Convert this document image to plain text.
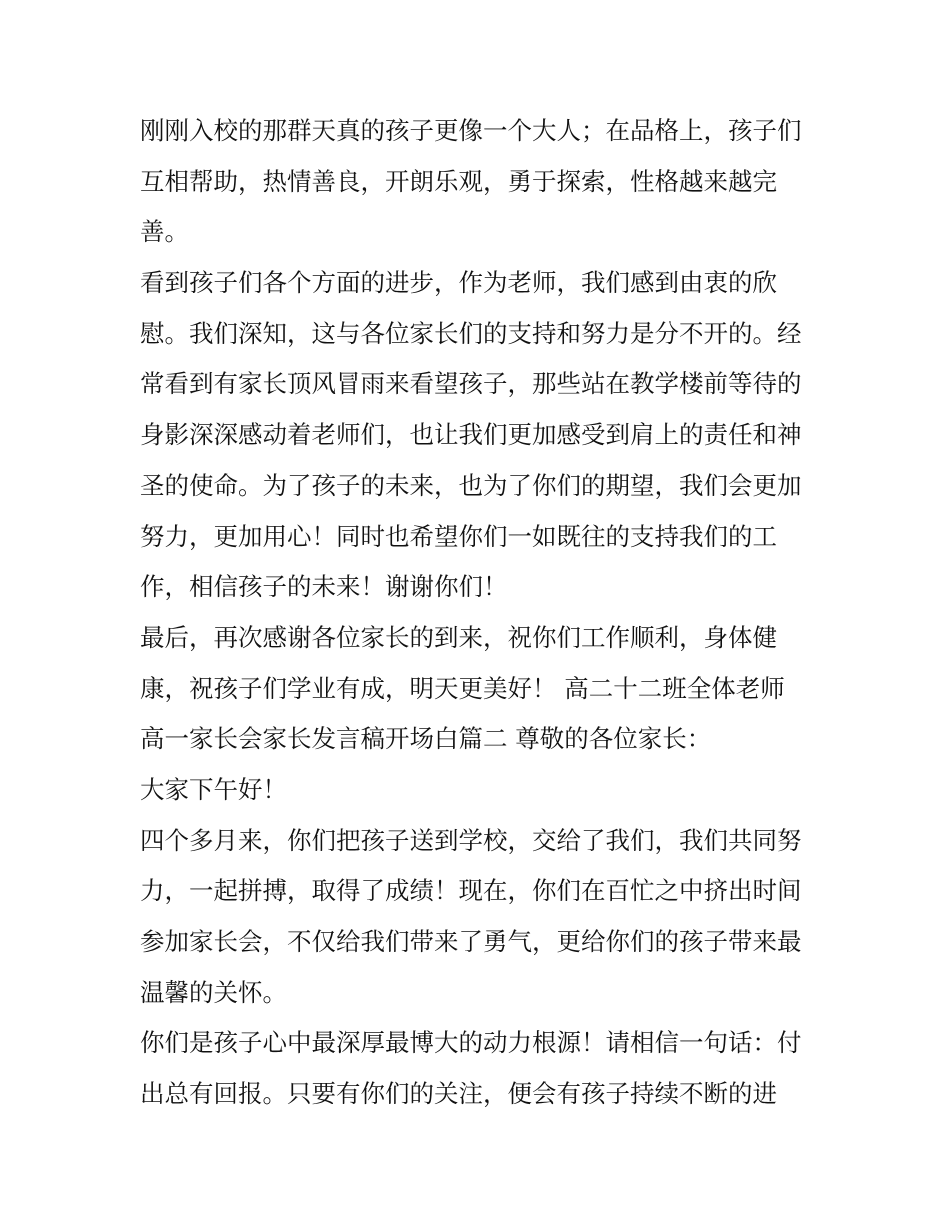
刚刚入校的那群天真的孩子更像一个大人；在品格上，孩子们
互相帮助，热情善良，开朗乐观，勇于探索，性格越来越完
善。
看到孩子们各个方面的进步，作为老师，我们感到由衷的欣
慰。我们深知，这与各位家长们的支持和努力是分不开的。经
常看到有家长顶风冒雨来看望孩子，那些站在教学楼前等待的
身影深深感动着老师们，也让我们更加感受到肩上的责任和神
圣的使命。为了孩子的未来，也为了你们的期望，我们会更加
努力，更加用心！同时也希望你们一如既往的支持我们的工
作，相信孩子的未来！谢谢你们！
最后，再次感谢各位家长的到来，祝你们工作顺利，身体健
康，祝孩子们学业有成，明天更美好！ 高二十二班全体老师
高一家长会家长发言稿开场白篇二 尊敬的各位家长：
大家下午好！
四个多月来，你们把孩子送到学校，交给了我们，我们共同努
力，一起拼搏，取得了成绩！现在，你们在百忙之中挤出时间
参加家长会，不仅给我们带来了勇气，更给你们的孩子带来最
温馨的关怀。
你们是孩子心中最深厚最博大的动力根源！请相信一句话：付
出总有回报。只要有你们的关注，便会有孩子持续不断的进
